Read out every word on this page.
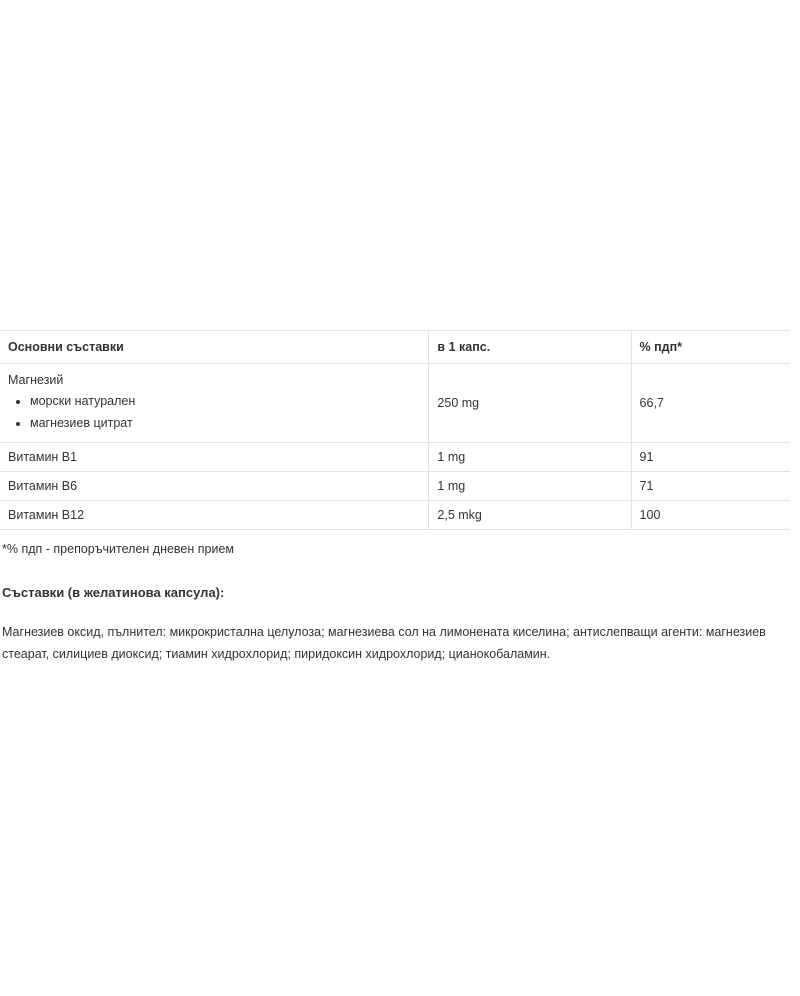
Основни съставки	в 1 капс.	% пдп*

Магнезий
• морски натурален
• магнезиев цитрат
	250 mg	66,7
Витамин B1	1 mg	91
Витамин B6	1 mg	71
Витамин B12	2,5 mkg	100
*% пдп - препоръчителен дневен прием
Съставки (в желатинова капсула):
Магнезиев оксид, пълнител: микрокристална целулоза; магнезиева сол на лимонената киселина; антислепващи агенти: магнезиев стеарат, силициев диоксид; тиамин хидрохлорид; пиридоксин хидрохлорид; цианокобаламин.
